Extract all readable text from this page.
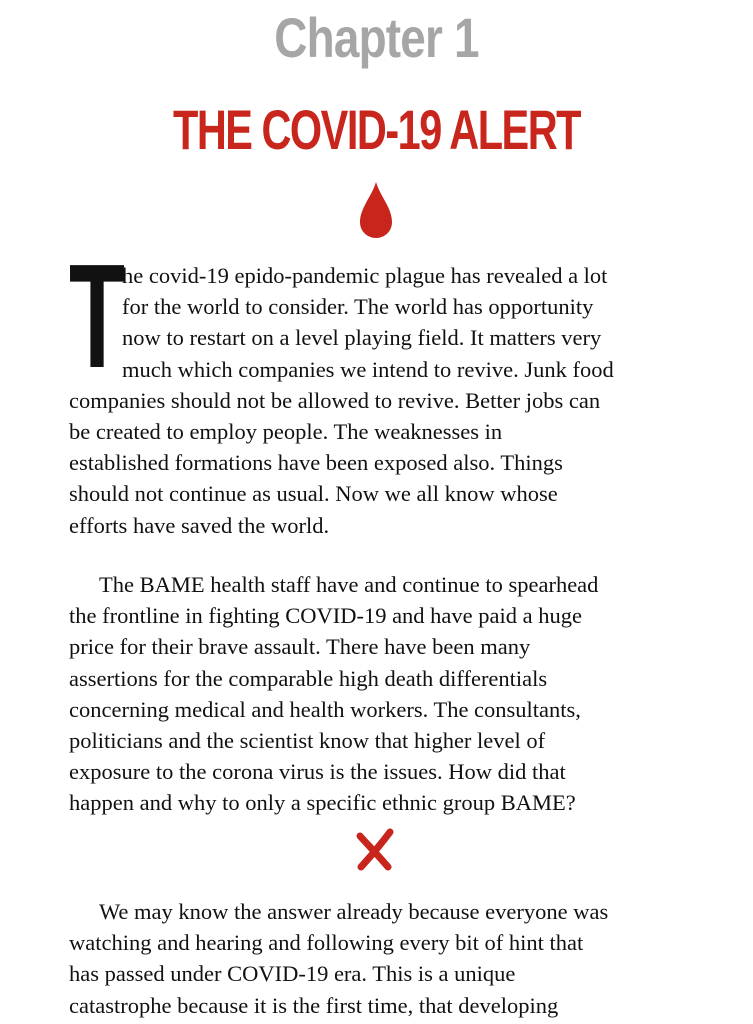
Chapter 1
THE COVID-19 ALERT
T
he covid-19 epido-pandemic plague has revealed a lot
for the world to consider. The world has opportunity
now to restart on a level playing field. It matters very
much which companies we intend to revive. Junk food
companies should not be allowed to revive. Better jobs can
be created to employ people. The weaknesses in
established formations have been exposed also. Things
should not continue as usual. Now we all know whose
efforts have saved the world.
The BAME health staff have and continue to spearhead
the frontline in fighting COVID-19 and have paid a huge
price for their brave assault. There have been many
assertions for the comparable high death differentials
concerning medical and health workers. The consultants,
politicians and the scientist know that higher level of
exposure to the corona virus is the issues. How did that
happen and why to only a specific ethnic group BAME?
We may know the answer already because everyone was
watching and hearing and following every bit of hint that
has passed under COVID-19 era. This is a unique
catastrophe because it is the first time, that developing
